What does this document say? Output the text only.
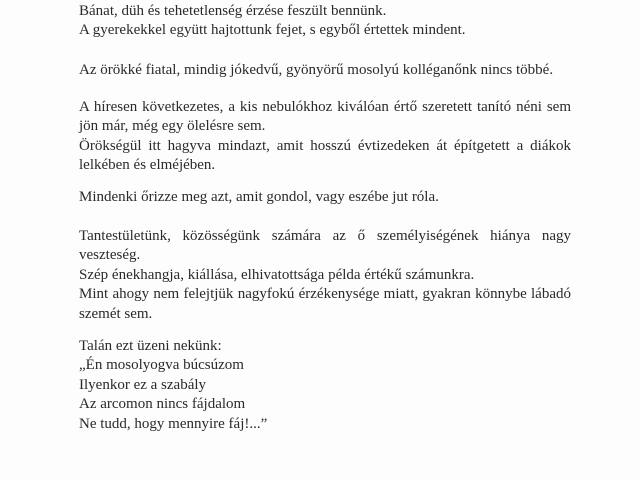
Bánat, düh és tehetetlenség érzése feszült bennünk.
A gyerekekkel együtt hajtottunk fejet, s egyből értettek mindent.

Az örökké fiatal, mindig jókedvű, gyönyörű mosolyú kolléganőnk nincs többé.

A híresen következetes, a kis nebulókhoz kiválóan értő szeretett tanító néni sem
jön már, még egy ölelésre sem.
Örökségül itt hagyva mindazt, amit hosszú évtizedeken át építgetett a diákok
lelkében és elméjében.

Mindenki őrizze meg azt, amit gondol, vagy eszébe jut róla.

Tantestületünk, közösségünk számára az ő személyiségének hiánya nagy
veszteség.
Szép énekhangja, kiállása, elhivatottsága példa értékű számunkra.
Mint ahogy nem felejtjük nagyfokú érzékenysége miatt, gyakran könnybe lábadó
szemét sem.

Talán ezt üzeni nekünk:
„Én mosolyogva búcsúzom
Ilyenkor ez a szabály
Az arcomon nincs fájdalom
Ne tudd, hogy mennyire fáj!...”
